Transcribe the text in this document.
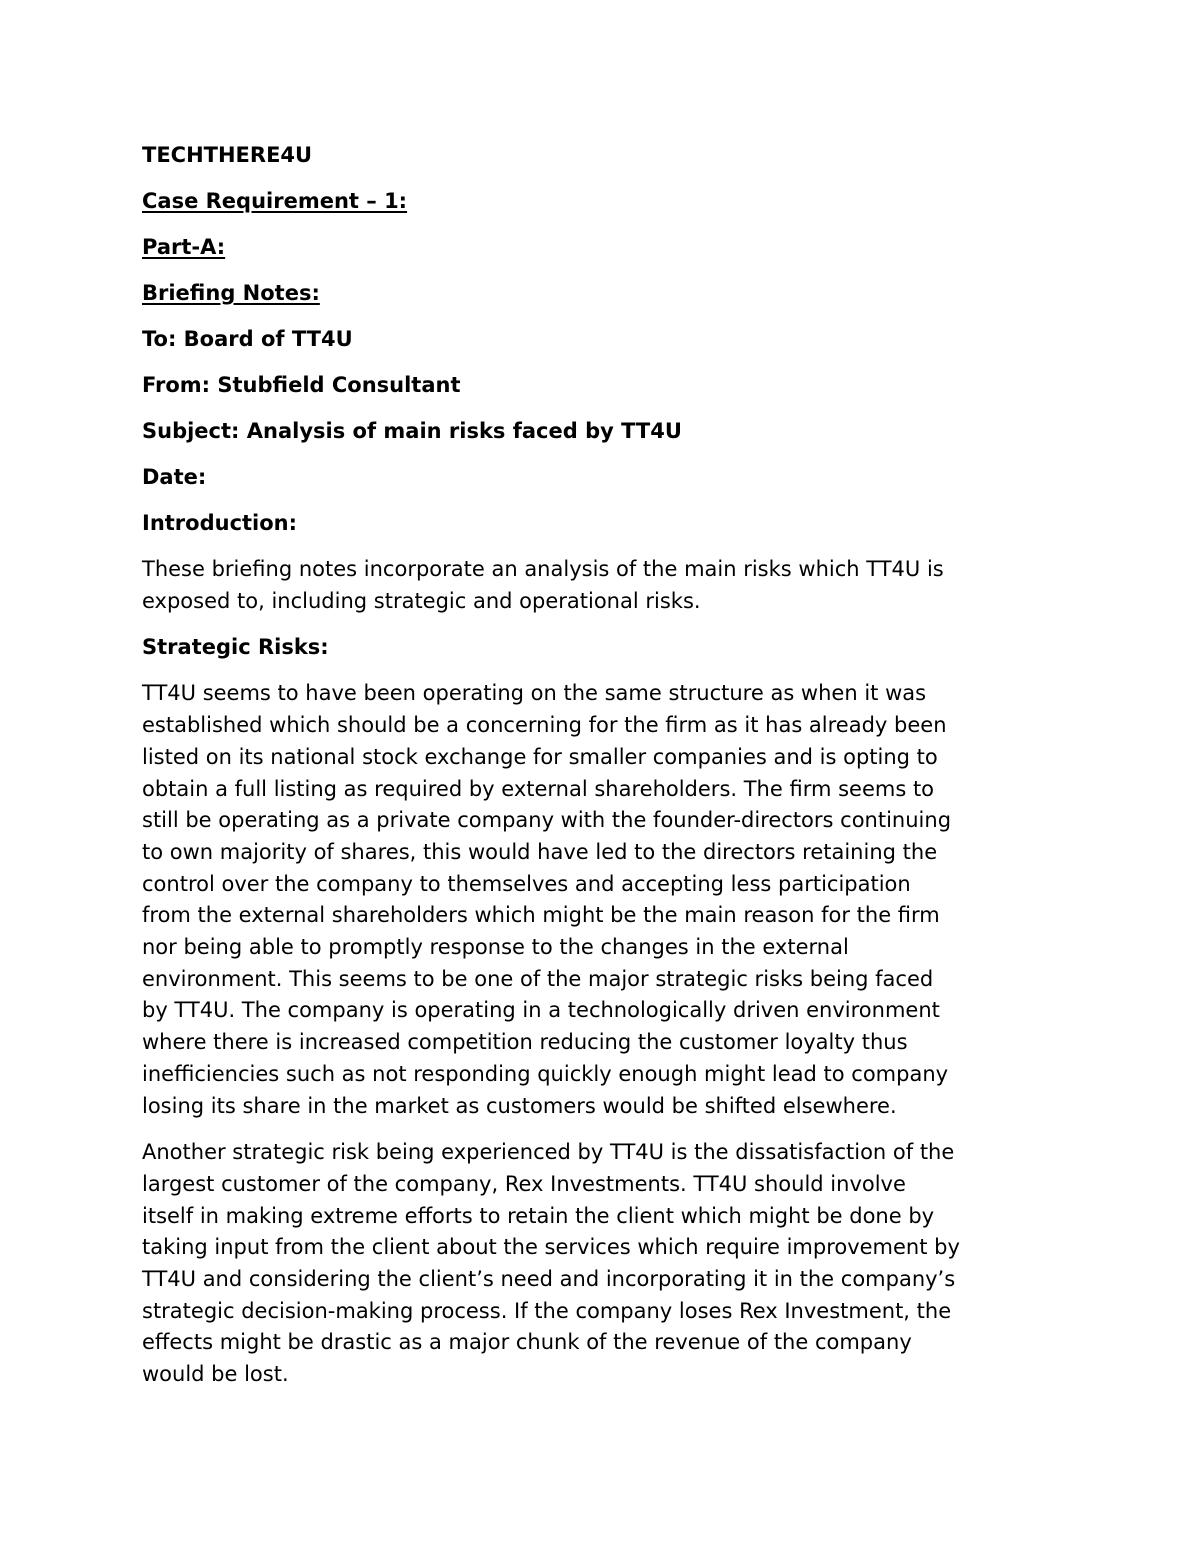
TECHTHERE4U
Case Requirement – 1:
Part-A:
Briefing Notes:
To: Board of TT4U
From: Stubfield Consultant
Subject: Analysis of main risks faced by TT4U
Date:
Introduction:
These briefing notes incorporate an analysis of the main risks which TT4U is
exposed to, including strategic and operational risks.
Strategic Risks:
TT4U seems to have been operating on the same structure as when it was
established which should be a concerning for the firm as it has already been
listed on its national stock exchange for smaller companies and is opting to
obtain a full listing as required by external shareholders. The firm seems to
still be operating as a private company with the founder-directors continuing
to own majority of shares, this would have led to the directors retaining the
control over the company to themselves and accepting less participation
from the external shareholders which might be the main reason for the firm
nor being able to promptly response to the changes in the external
environment. This seems to be one of the major strategic risks being faced
by TT4U. The company is operating in a technologically driven environment
where there is increased competition reducing the customer loyalty thus
inefficiencies such as not responding quickly enough might lead to company
losing its share in the market as customers would be shifted elsewhere.
Another strategic risk being experienced by TT4U is the dissatisfaction of the
largest customer of the company, Rex Investments. TT4U should involve
itself in making extreme efforts to retain the client which might be done by
taking input from the client about the services which require improvement by
TT4U and considering the client’s need and incorporating it in the company’s
strategic decision-making process. If the company loses Rex Investment, the
effects might be drastic as a major chunk of the revenue of the company
would be lost.
